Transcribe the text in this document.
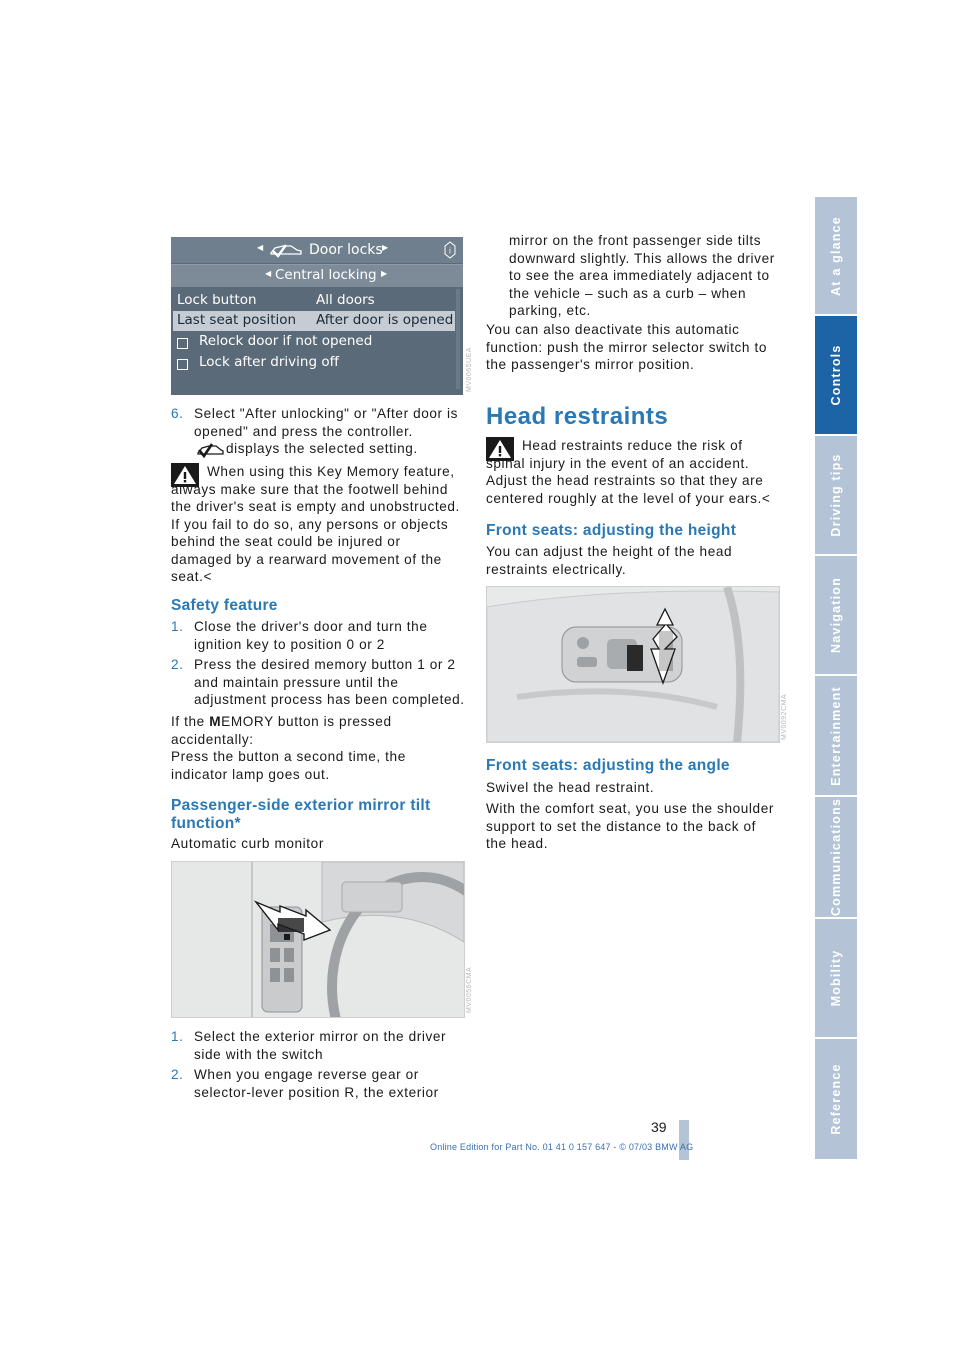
At a glance
Controls
Driving tips
Navigation
Entertainment
Communications
Mobility
Reference
◀	Door locks ▶	i
◀ Central locking ▶
Lock button	All doors
Last seat position After door is opened
Relock door if not opened
Lock after driving off	MV0065UEA
6. Select "After unlocking" or "After door is opened" and press the controller.
displays the selected setting.

When using this Key Memory feature, always make sure that the footwell behind the driver's seat is empty and unobstructed. If you fail to do so, any persons or objects behind the seat could be injured or damaged by a rearward movement of the seat.<

Safety feature
1. Close the driver's door and turn the ignition key to position 0 or 2
2. Press the desired memory button 1 or 2 and maintain pressure until the adjustment process has been completed.

If the MEMORY button is pressed accidentally:
Press the button a second time, the indicator lamp goes out.

Passenger-side exterior mirror tilt function*

Automatic curb monitor

MV0056CMA
1. Select the exterior mirror on the driver side with the switch
2. When you engage reverse gear or selector-lever position R, the exterior

mirror on the front passenger side tilts downward slightly. This allows the driver to see the area immediately adjacent to the vehicle – such as a curb – when parking, etc.

You can also deactivate this automatic function: push the mirror selector switch to the passenger's mirror position.

Head restraints

Head restraints reduce the risk of spinal injury in the event of an accident. Adjust the head restraints so that they are centered roughly at the level of your ears.<

Front seats: adjusting the height

You can adjust the height of the head restraints electrically.

MV0092CMA
Front seats: adjusting the angle

Swivel the head restraint.

With the comfort seat, you use the shoulder support to set the distance to the back of the head.

39
Online Edition for Part No. 01 41 0 157 647 - © 07/03 BMW AG
